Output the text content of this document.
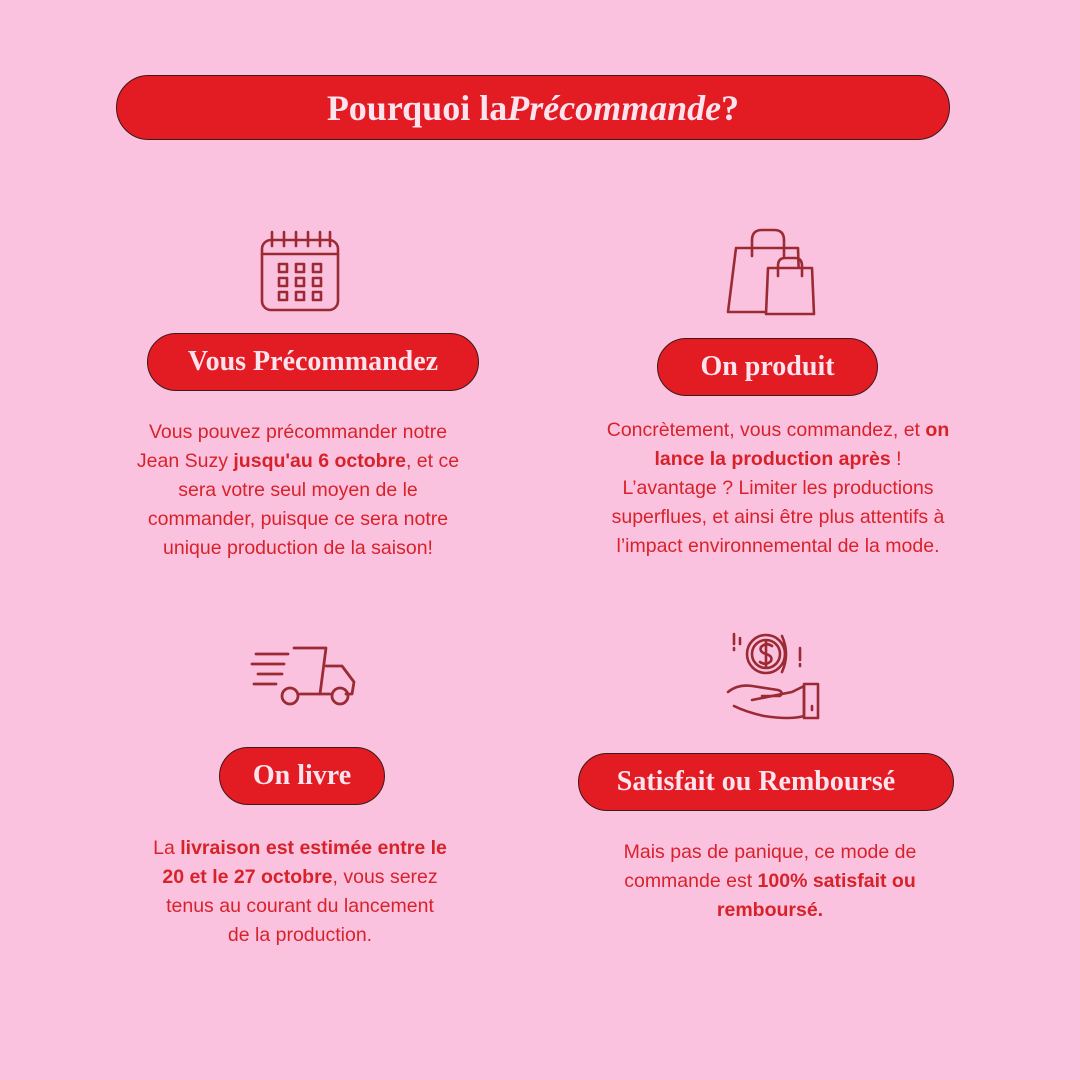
Pourquoi la Précommande ?
Vous Précommandez
Vous pouvez précommander notre
Jean Suzy jusqu'au 6 octobre, et ce
sera votre seul moyen de le
commander, puisque ce sera notre
unique production de la saison!
On produit
Concrètement, vous commandez, et on
lance la production après !
L’avantage ? Limiter les productions
superflues, et ainsi être plus attentifs à
l’impact environnemental de la mode.
On livre
La livraison est estimée entre le
20 et le 27 octobre, vous serez
tenus au courant du lancement
de la production.
Satisfait ou Remboursé
Mais pas de panique, ce mode de
commande est 100% satisfait ou
remboursé.
